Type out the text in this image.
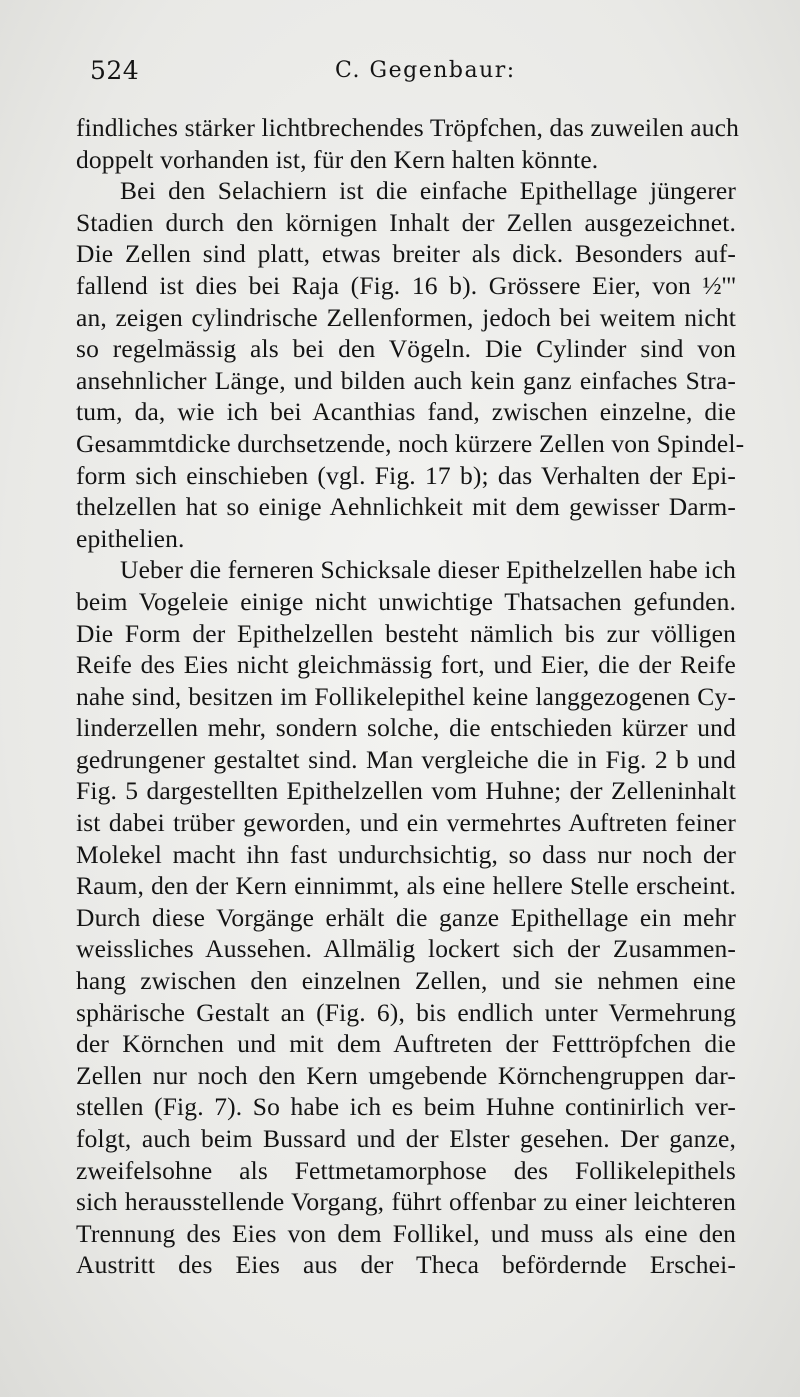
524	C. Gegenbaur:
findliches stärker lichtbrechendes Tröpfchen, das zuweilen auch
doppelt vorhanden ist, für den Kern halten könnte.
Bei den Selachiern ist die einfache Epithellage jüngerer
Stadien durch den körnigen Inhalt der Zellen ausgezeichnet.
Die Zellen sind platt, etwas breiter als dick. Besonders auf-
fallend ist dies bei Raja (Fig. 16 b). Grössere Eier, von ½'''
an, zeigen cylindrische Zellenformen, jedoch bei weitem nicht
so regelmässig als bei den Vögeln. Die Cylinder sind von
ansehnlicher Länge, und bilden auch kein ganz einfaches Stra-
tum, da, wie ich bei Acanthias fand, zwischen einzelne, die
Gesammtdicke durchsetzende, noch kürzere Zellen von Spindel-
form sich einschieben (vgl. Fig. 17 b); das Verhalten der Epi-
thelzellen hat so einige Aehnlichkeit mit dem gewisser Darm-
epithelien.
Ueber die ferneren Schicksale dieser Epithelzellen habe ich
beim Vogeleie einige nicht unwichtige Thatsachen gefunden.
Die Form der Epithelzellen besteht nämlich bis zur völligen
Reife des Eies nicht gleichmässig fort, und Eier, die der Reife
nahe sind, besitzen im Follikelepithel keine langgezogenen Cy-
linderzellen mehr, sondern solche, die entschieden kürzer und
gedrungener gestaltet sind. Man vergleiche die in Fig. 2 b und
Fig. 5 dargestellten Epithelzellen vom Huhne; der Zelleninhalt
ist dabei trüber geworden, und ein vermehrtes Auftreten feiner
Molekel macht ihn fast undurchsichtig, so dass nur noch der
Raum, den der Kern einnimmt, als eine hellere Stelle erscheint.
Durch diese Vorgänge erhält die ganze Epithellage ein mehr
weissliches Aussehen. Allmälig lockert sich der Zusammen-
hang zwischen den einzelnen Zellen, und sie nehmen eine
sphärische Gestalt an (Fig. 6), bis endlich unter Vermehrung
der Körnchen und mit dem Auftreten der Fetttröpfchen die
Zellen nur noch den Kern umgebende Körnchengruppen dar-
stellen (Fig. 7). So habe ich es beim Huhne continirlich ver-
folgt, auch beim Bussard und der Elster gesehen. Der ganze,
zweifelsohne als Fettmetamorphose des Follikelepithels
sich herausstellende Vorgang, führt offenbar zu einer leichteren
Trennung des Eies von dem Follikel, und muss als eine den
Austritt des Eies aus der Theca befördernde Erschei-
